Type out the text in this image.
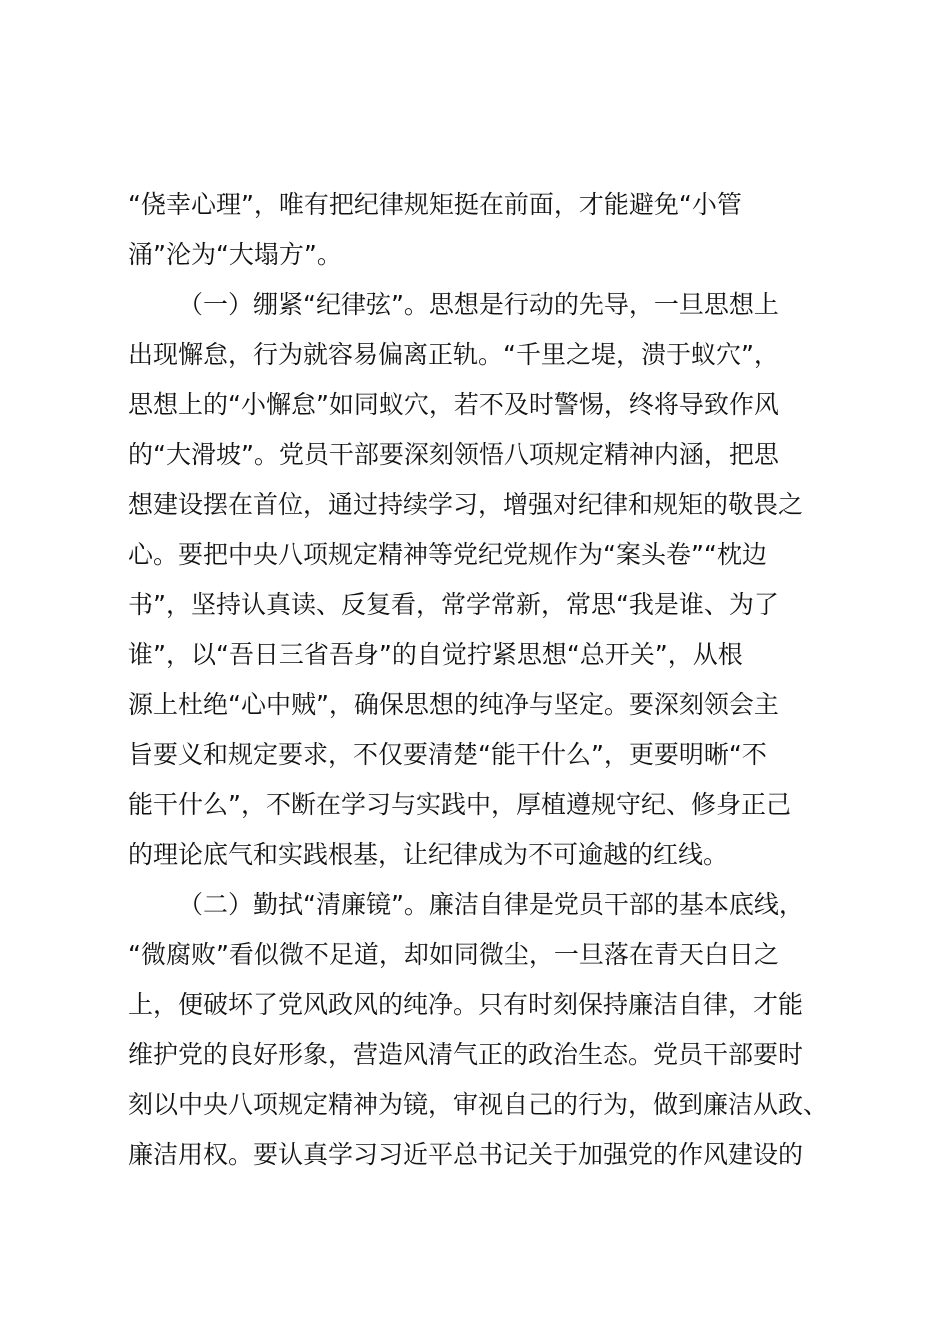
“侥幸心理”，唯有把纪律规矩挺在前面，才能避免“小管
涌”沦为“大塌方”。
（一）绷紧“纪律弦”。思想是行动的先导，一旦思想上
出现懈怠，行为就容易偏离正轨。“千里之堤，溃于蚁穴”，
思想上的“小懈怠”如同蚁穴，若不及时警惕，终将导致作风
的“大滑坡”。党员干部要深刻领悟八项规定精神内涵，把思
想建设摆在首位，通过持续学习，增强对纪律和规矩的敬畏之
心。要把中央八项规定精神等党纪党规作为“案头卷”“枕边
书”，坚持认真读、反复看，常学常新，常思“我是谁、为了
谁”，以“吾日三省吾身”的自觉拧紧思想“总开关”，从根
源上杜绝“心中贼”，确保思想的纯净与坚定。要深刻领会主
旨要义和规定要求，不仅要清楚“能干什么”，更要明晰“不
能干什么”，不断在学习与实践中，厚植遵规守纪、修身正己
的理论底气和实践根基，让纪律成为不可逾越的红线。
（二）勤拭“清廉镜”。廉洁自律是党员干部的基本底线，
“微腐败”看似微不足道，却如同微尘，一旦落在青天白日之
上，便破坏了党风政风的纯净。只有时刻保持廉洁自律，才能
维护党的良好形象，营造风清气正的政治生态。党员干部要时
刻以中央八项规定精神为镜，审视自己的行为，做到廉洁从政、
廉洁用权。要认真学习习近平总书记关于加强党的作风建设的
